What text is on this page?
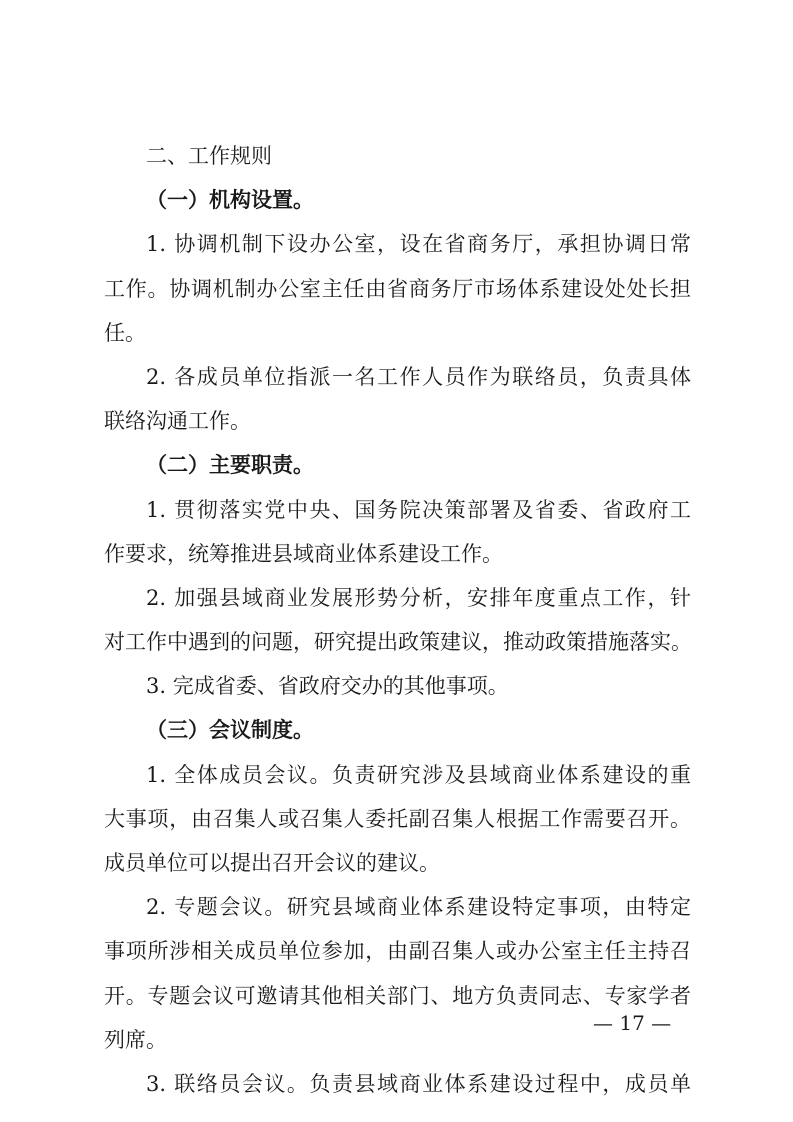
二、工作规则
（一）机构设置。
1. 协调机制下设办公室，设在省商务厅，承担协调日常
工作。协调机制办公室主任由省商务厅市场体系建设处处长担
任。
2. 各成员单位指派一名工作人员作为联络员，负责具体
联络沟通工作。
（二）主要职责。
1. 贯彻落实党中央、国务院决策部署及省委、省政府工
作要求，统筹推进县域商业体系建设工作。
2. 加强县域商业发展形势分析，安排年度重点工作，针
对工作中遇到的问题，研究提出政策建议，推动政策措施落实。
3. 完成省委、省政府交办的其他事项。
（三）会议制度。
1. 全体成员会议。负责研究涉及县域商业体系建设的重
大事项，由召集人或召集人委托副召集人根据工作需要召开。
成员单位可以提出召开会议的建议。
2. 专题会议。研究县域商业体系建设特定事项，由特定
事项所涉相关成员单位参加，由副召集人或办公室主任主持召
开。专题会议可邀请其他相关部门、地方负责同志、专家学者
列席。
3. 联络员会议。负责县域商业体系建设过程中，成员单
— 17 —
